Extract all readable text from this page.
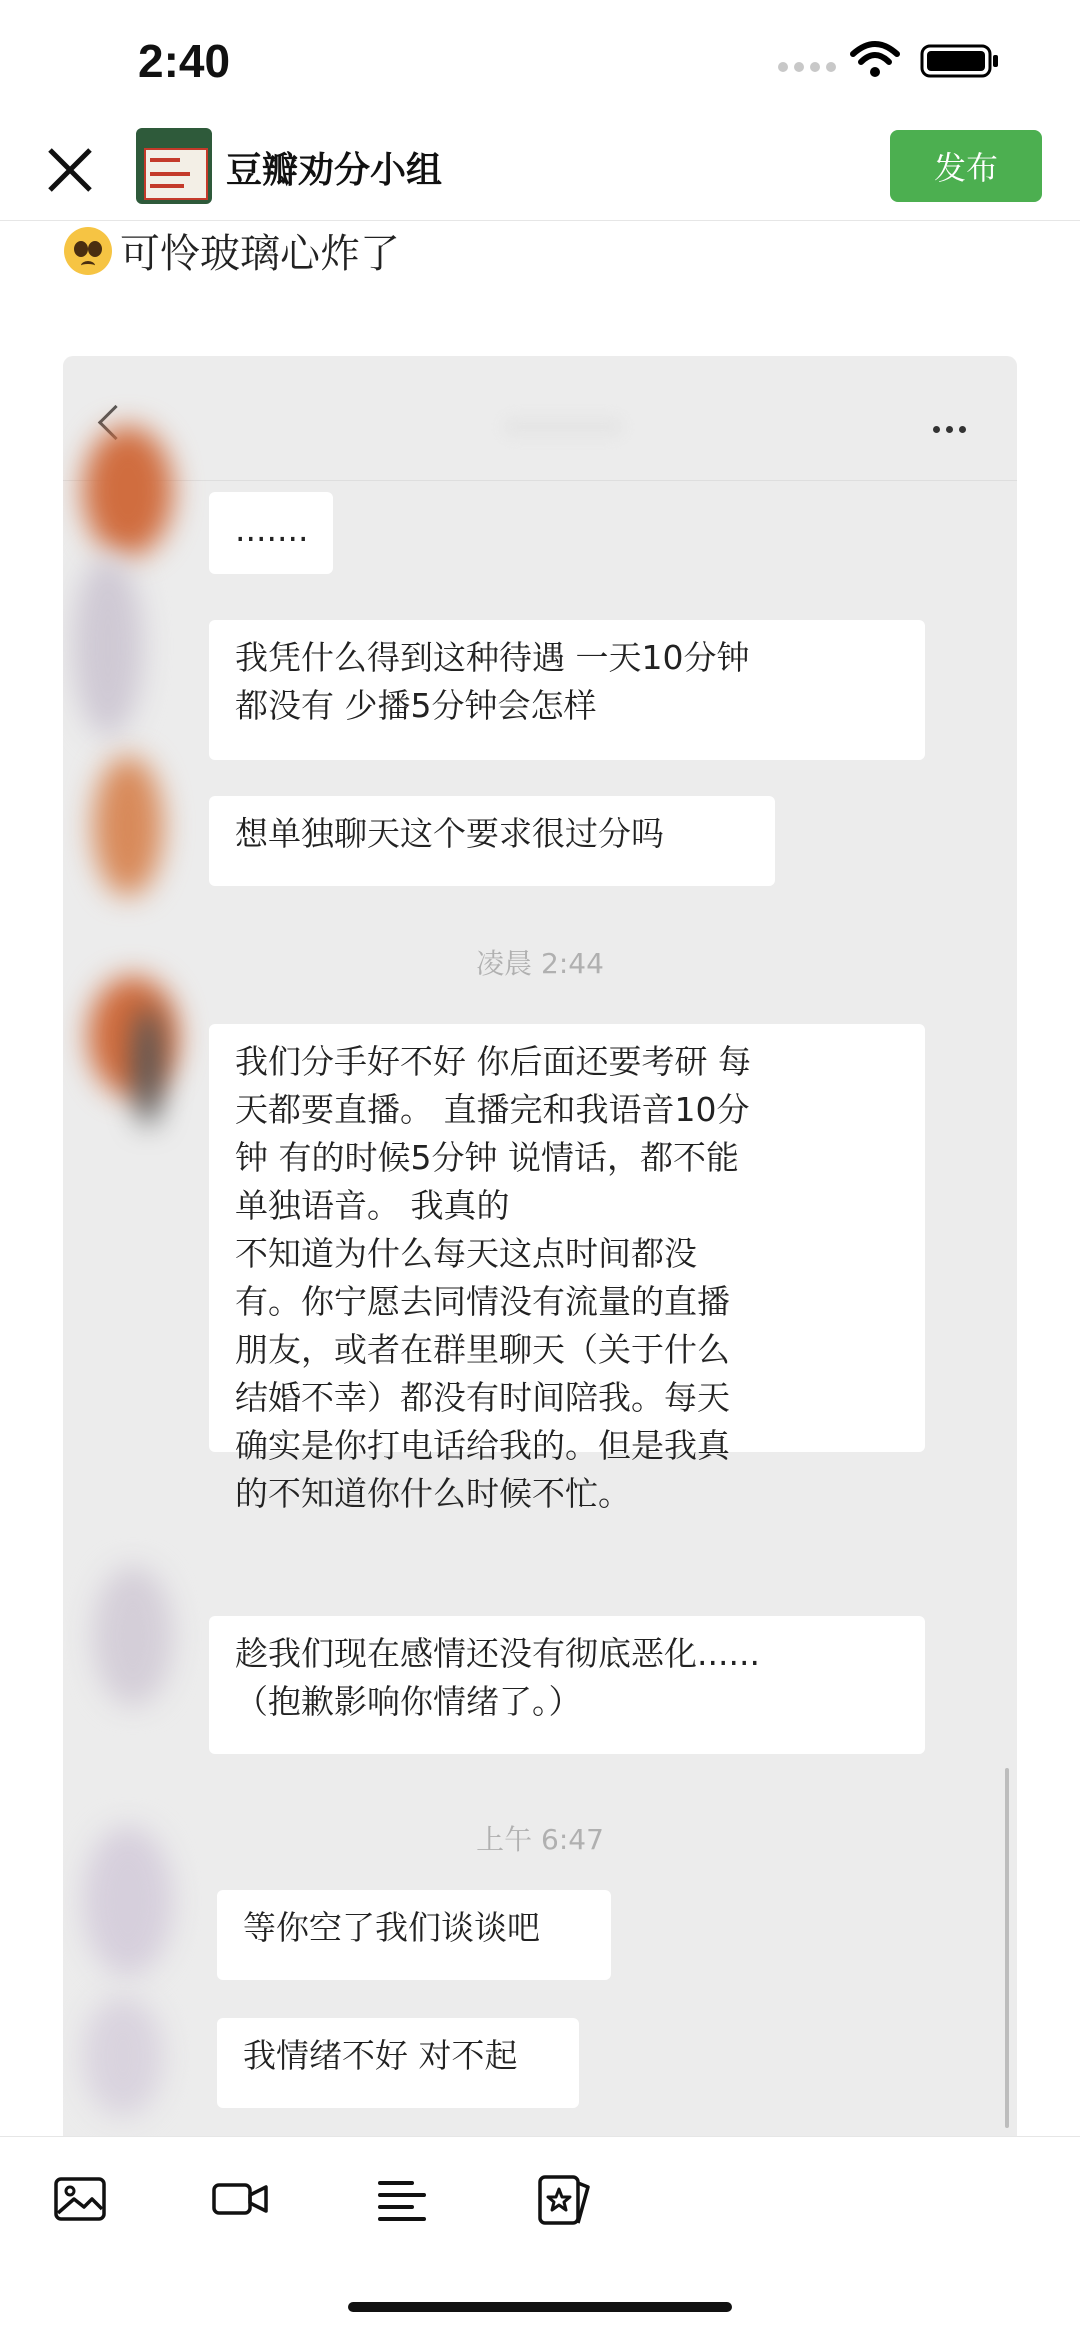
2:40
豆瓣劝分小组	发布
可怜玻璃心炸了
.......
我凭什么得到这种待遇 一天10分钟
都没有 少播5分钟会怎样
想单独聊天这个要求很过分吗
凌晨 2:44
我们分手好不好 你后面还要考研 每
天都要直播。 直播完和我语音10分
钟 有的时候5分钟 说情话，都不能
单独语音。 我真的
不知道为什么每天这点时间都没
有。你宁愿去同情没有流量的直播
朋友，或者在群里聊天（关于什么
结婚不幸）都没有时间陪我。每天
确实是你打电话给我的。但是我真
的不知道你什么时候不忙。
趁我们现在感情还没有彻底恶化......
（抱歉影响你情绪了。）
上午 6:47
等你空了我们谈谈吧
我情绪不好 对不起
